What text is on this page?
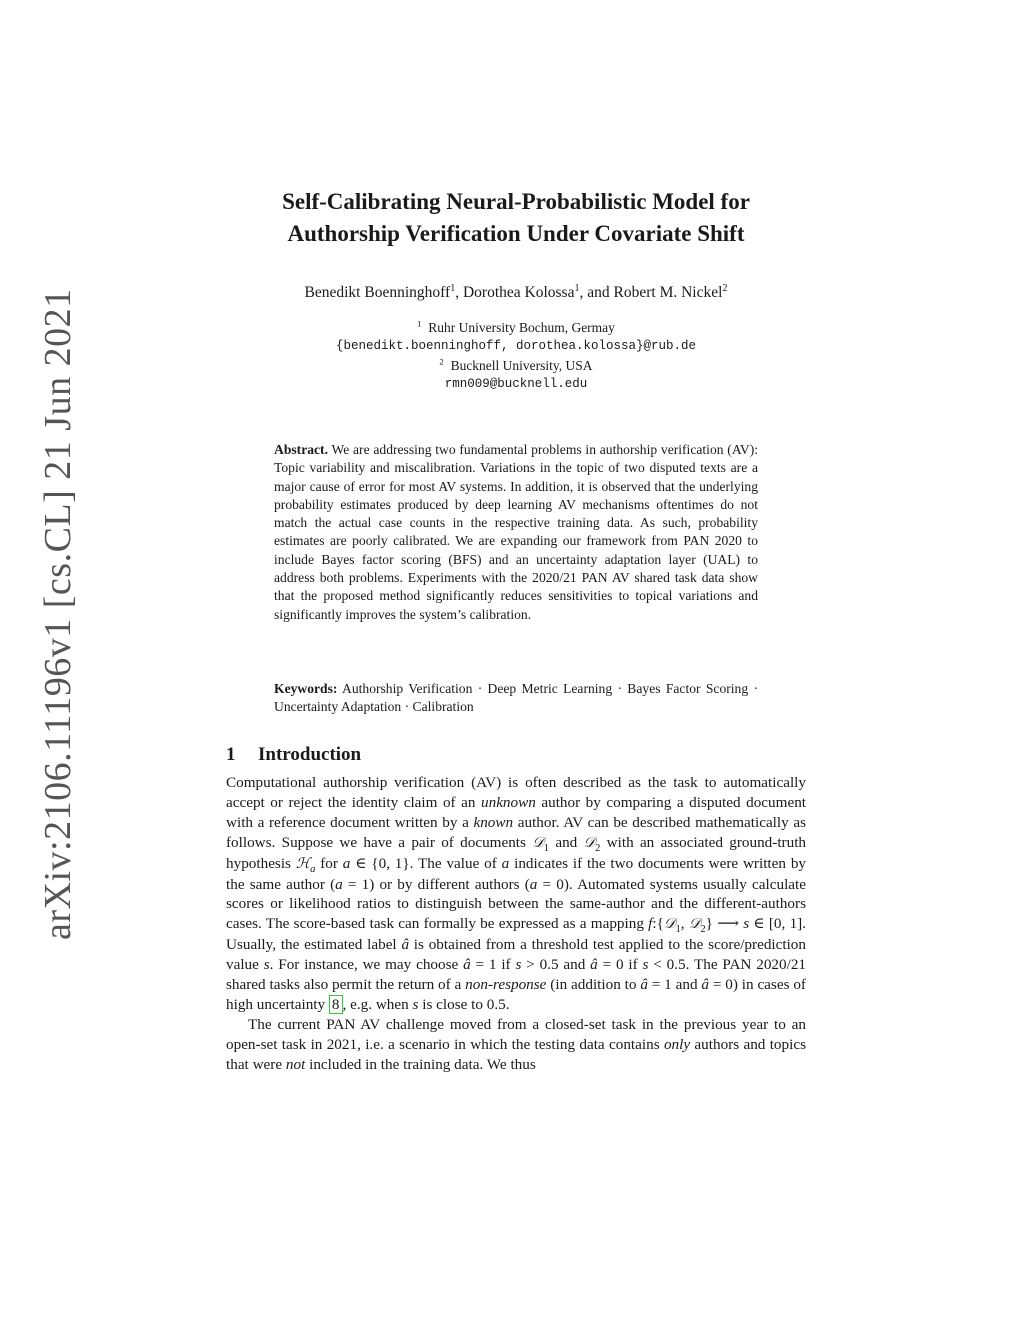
arXiv:2106.11196v1 [cs.CL] 21 Jun 2021
Self-Calibrating Neural-Probabilistic Model for
Authorship Verification Under Covariate Shift
Benedikt Boenninghoff$^1$, Dorothea Kolossa$^1$, and Robert M. Nickel$^2$
$^1$ Ruhr University Bochum, Germay
{benedikt.boenninghoff, dorothea.kolossa}@rub.de
$^2$ Bucknell University, USA
rmn009@bucknell.edu
Abstract. We are addressing two fundamental problems in authorship verification (AV): Topic variability and miscalibration. Variations in the topic of two disputed texts are a major cause of error for most AV systems. In addition, it is observed that the underlying probability estimates produced by deep learning AV mechanisms oftentimes do not match the actual case counts in the respective training data. As such, probability estimates are poorly calibrated. We are expanding our framework from PAN 2020 to include Bayes factor scoring (BFS) and an uncertainty adaptation layer (UAL) to address both problems. Experiments with the 2020/21 PAN AV shared task data show that the proposed method significantly reduces sensitivities to topical variations and significantly improves the system’s calibration.
Keywords: Authorship Verification · Deep Metric Learning · Bayes Factor Scoring · Uncertainty Adaptation · Calibration
1 Introduction

Computational authorship verification (AV) is often described as the task to automatically accept or reject the identity claim of an unknown author by comparing a disputed document with a reference document written by a known author. AV can be described mathematically as follows. Suppose we have a pair of documents 𝒟$_1$ and 𝒟$_2$ with an associated ground-truth hypothesis ℋ$_a$ for a ∈ {0, 1}. The value of a indicates if the two documents were written by the same author (a = 1) or by different authors (a = 0). Automated systems usually calculate scores or likelihood ratios to distinguish between the same-author and the different-authors cases. The score-based task can formally be expressed as a mapping f:{𝒟$_1$, 𝒟$_2$} ⟶ s ∈ [0, 1]. Usually, the estimated label â is obtained from a threshold test applied to the score/prediction value s. For instance, we may choose â = 1 if s > 0.5 and â = 0 if s < 0.5. The PAN 2020/21 shared tasks also permit the return of a non-response (in addition to â = 1 and â = 0) in cases of high uncertainty 8 , e.g. when s is close to 0.5.

The current PAN AV challenge moved from a closed-set task in the previous year to an open-set task in 2021, i.e. a scenario in which the testing data contains only authors and topics that were not included in the training data. We thus
